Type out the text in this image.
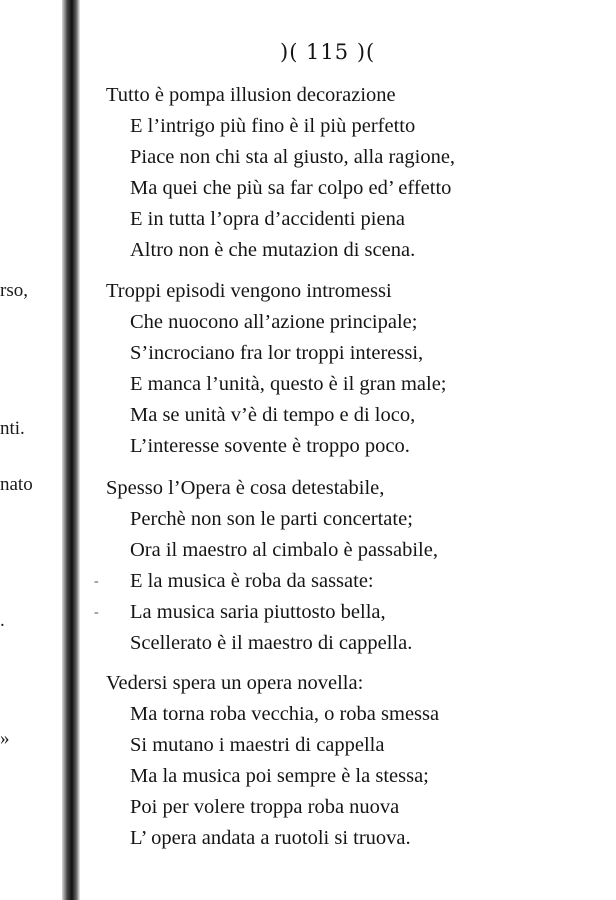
rso,
nti.
nato
.
»
)( 115 )(
Tutto è pompa illusion decorazione
E l’intrigo più fino è il più perfetto
Piace non chi sta al giusto, alla ragione,
Ma quei che più sa far colpo ed’ effetto
E in tutta l’opra d’accidenti piena
Altro non è che mutazion di scena.
Troppi episodi vengono intromessi
Che nuocono all’azione principale;
S’incrociano fra lor troppi interessi,
E manca l’unità, questo è il gran male;
Ma se unità v’è di tempo e di loco,
L’interesse sovente è troppo poco.
Spesso l’Opera è cosa detestabile,
Perchè non son le parti concertate;
Ora il maestro al cimbalo è passabile,
- E la musica è roba da sassate:
- La musica saria piuttosto bella,
Scellerato è il maestro di cappella.
Vedersi spera un opera novella:
Ma torna roba vecchia, o roba smessa
Si mutano i maestri di cappella
Ma la musica poi sempre è la stessa;
Poi per volere troppa roba nuova
L’ opera andata a ruotoli si truova.
